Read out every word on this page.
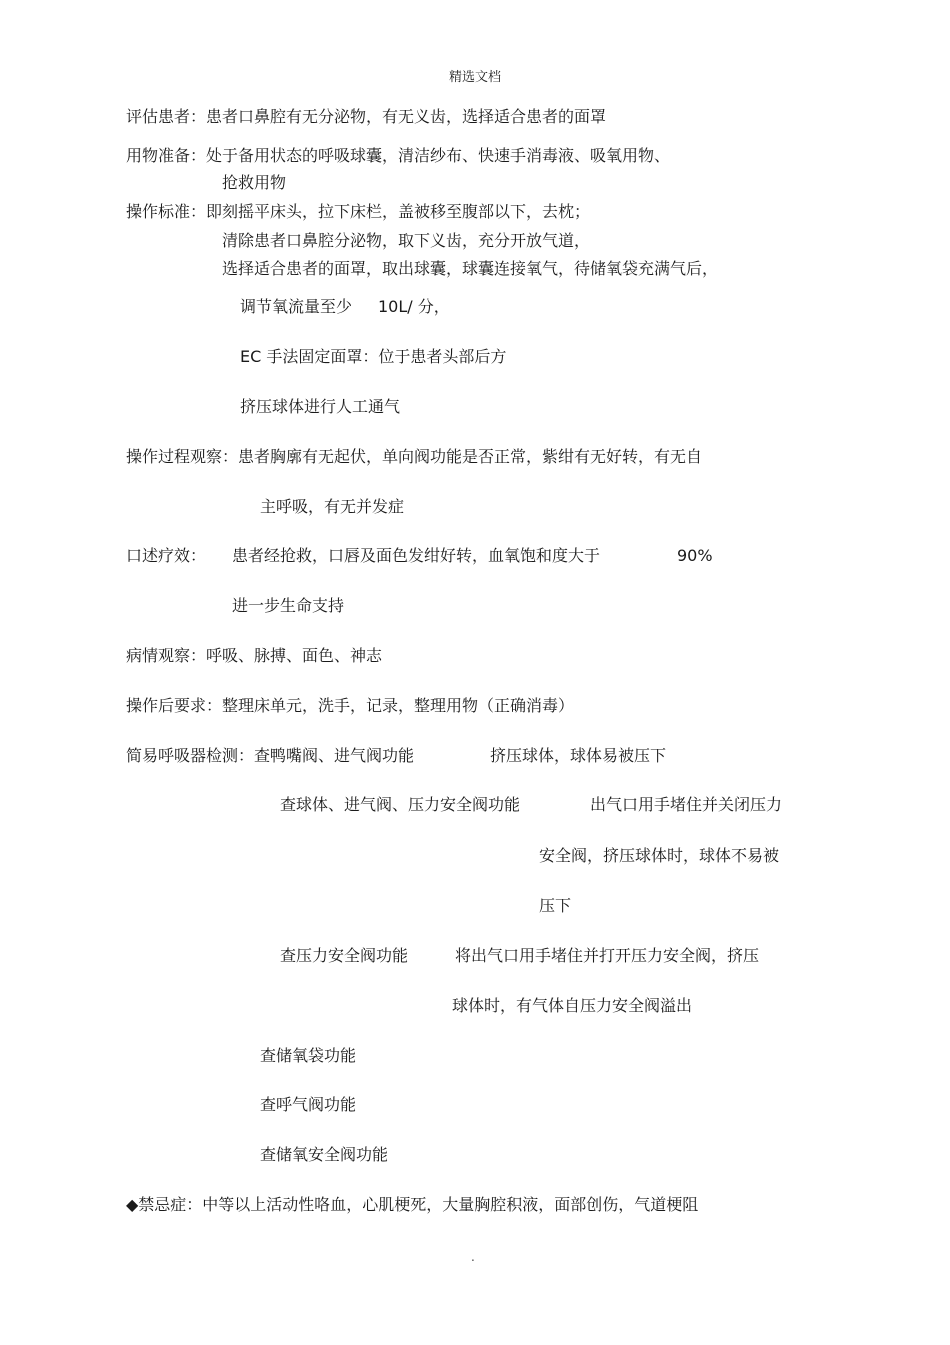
精选文档
评估患者：患者口鼻腔有无分泌物，有无义齿，选择适合患者的面罩
用物准备：处于备用状态的呼吸球囊，清洁纱布、快速手消毒液、吸氧用物、
抢救用物
操作标准：即刻摇平床头，拉下床栏，盖被移至腹部以下，去枕；
清除患者口鼻腔分泌物，取下义齿，充分开放气道，
选择适合患者的面罩，取出球囊，球囊连接氧气，待储氧袋充满气后，
调节氧流量至少 10L/ 分，
EC 手法固定面罩：位于患者头部后方
挤压球体进行人工通气
操作过程观察：患者胸廓有无起伏，单向阀功能是否正常，紫绀有无好转，有无自
主呼吸，有无并发症
口述疗效： 患者经抢救，口唇及面色发绀好转，血氧饱和度大于	90%
进一步生命支持
病情观察：呼吸、脉搏、面色、神志
操作后要求：整理床单元，洗手，记录，整理用物（正确消毒）
简易呼吸器检测：查鸭嘴阀、进气阀功能	挤压球体，球体易被压下
查球体、进气阀、压力安全阀功能	出气口用手堵住并关闭压力
安全阀，挤压球体时，球体不易被
压下
查压力安全阀功能	将出气口用手堵住并打开压力安全阀，挤压
球体时，有气体自压力安全阀溢出
查储氧袋功能
查呼气阀功能
查储氧安全阀功能
◆禁忌症：中等以上活动性咯血，心肌梗死，大量胸腔积液，面部创伤，气道梗阻
.
